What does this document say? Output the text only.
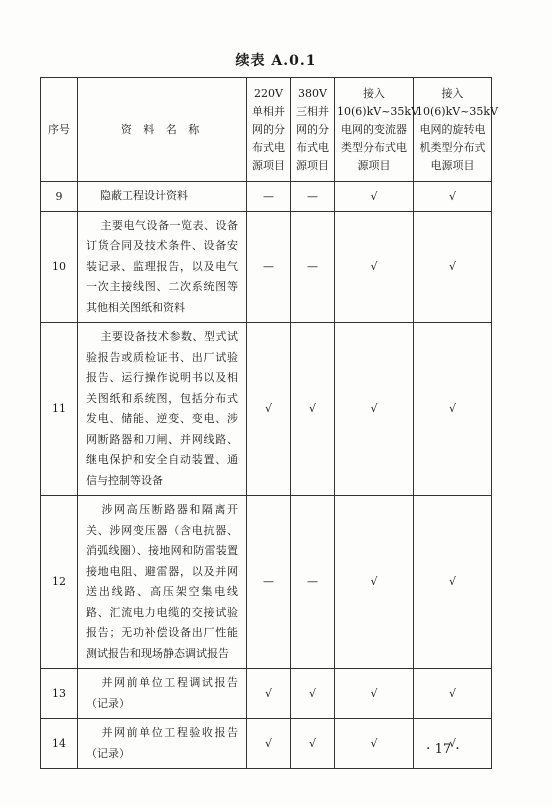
续表 A.0.1
序号	资 料 名 称	220V单相并网的分布式电源项目	380V三相并网的分布式电源项目	接入10(6)kV~35kV电网的变流器类型分布式电源项目	接入10(6)kV~35kV电网的旋转电机类型分布式电源项目
9	隐蔽工程设计资料	—	—	√	√
10	主要电气设备一览表、设备订货合同及技术条件、设备安装记录、监理报告，以及电气一次主接线图、二次系统图等其他相关图纸和资料	—	—	√	√
11	主要设备技术参数、型式试验报告或质检证书、出厂试验报告、运行操作说明书以及相关图纸和系统图，包括分布式发电、储能、逆变、变电、涉网断路器和刀闸、并网线路、继电保护和安全自动装置、通信与控制等设备	√	√	√	√
12	涉网高压断路器和隔离开关、涉网变压器（含电抗器、消弧线圈）、接地网和防雷装置接地电阻、避雷器，以及并网送出线路、高压架空集电线路、汇流电力电缆的交接试验报告；无功补偿设备出厂性能测试报告和现场静态调试报告	—	—	√	√
13	并网前单位工程调试报告（记录）	√	√	√	√
14	并网前单位工程验收报告（记录）	√	√	√	√
· 17 ·
